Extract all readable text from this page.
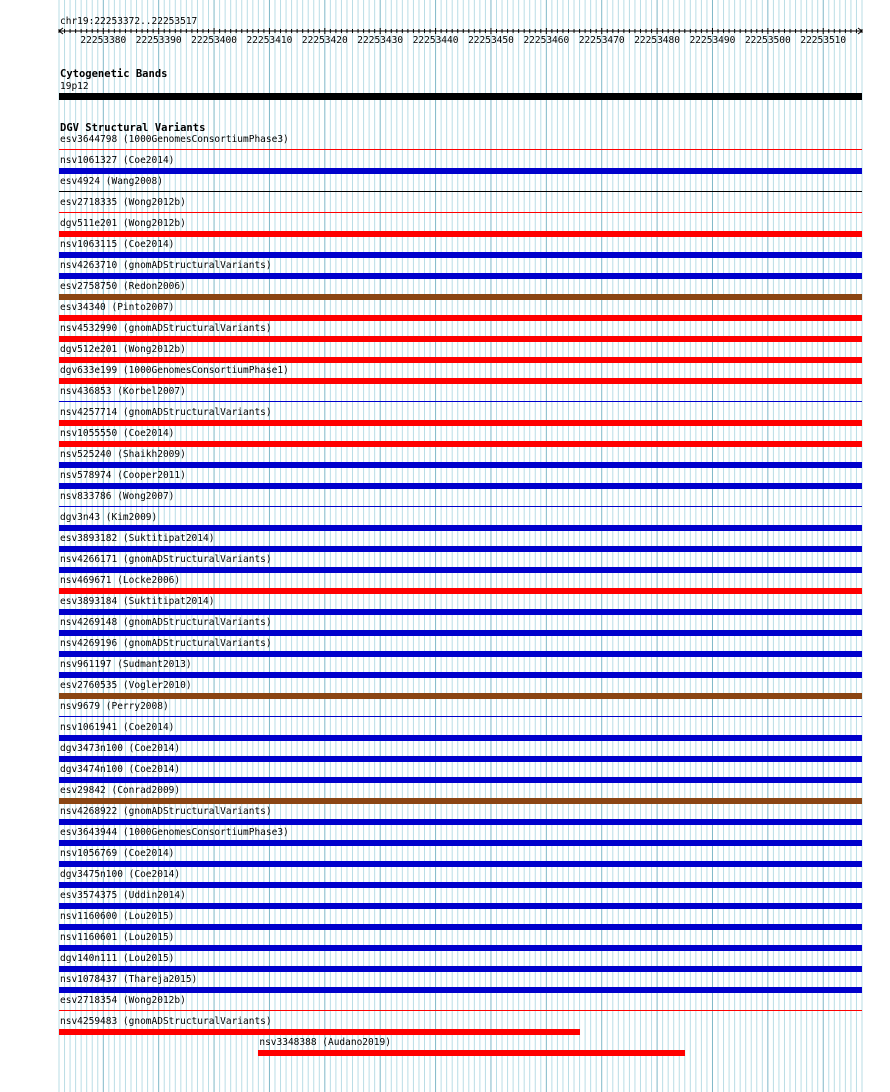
chr19:22253372..22253517
22253380 22253390 22253400 22253410 22253420 22253430 22253440 22253450 22253460 22253470 22253480 22253490 22253500 22253510
Cytogenetic Bands
19p12
DGV Structural Variants
esv3644798 (1000GenomesConsortiumPhase3)
nsv1061327 (Coe2014)
esv4924 (Wang2008)
esv2718335 (Wong2012b)
dgv511e201 (Wong2012b)
nsv1063115 (Coe2014)
nsv4263710 (gnomADStructuralVariants)
esv2758750 (Redon2006)
esv34340 (Pinto2007)
nsv4532990 (gnomADStructuralVariants)
dgv512e201 (Wong2012b)
dgv633e199 (1000GenomesConsortiumPhase1)
nsv436853 (Korbel2007)
nsv4257714 (gnomADStructuralVariants)
nsv1055550 (Coe2014)
nsv525240 (Shaikh2009)
nsv578974 (Cooper2011)
nsv833786 (Wong2007)
dgv3n43 (Kim2009)
esv3893182 (Suktitipat2014)
nsv4266171 (gnomADStructuralVariants)
nsv469671 (Locke2006)
esv3893184 (Suktitipat2014)
nsv4269148 (gnomADStructuralVariants)
nsv4269196 (gnomADStructuralVariants)
nsv961197 (Sudmant2013)
esv2760535 (Vogler2010)
nsv9679 (Perry2008)
nsv1061941 (Coe2014)
dgv3473n100 (Coe2014)
dgv3474n100 (Coe2014)
esv29842 (Conrad2009)
nsv4268922 (gnomADStructuralVariants)
esv3643944 (1000GenomesConsortiumPhase3)
nsv1056769 (Coe2014)
dgv3475n100 (Coe2014)
esv3574375 (Uddin2014)
nsv1160600 (Lou2015)
nsv1160601 (Lou2015)
dgv140n111 (Lou2015)
nsv1078437 (Thareja2015)
esv2718354 (Wong2012b)
nsv4259483 (gnomADStructuralVariants)
nsv3348388 (Audano2019)
